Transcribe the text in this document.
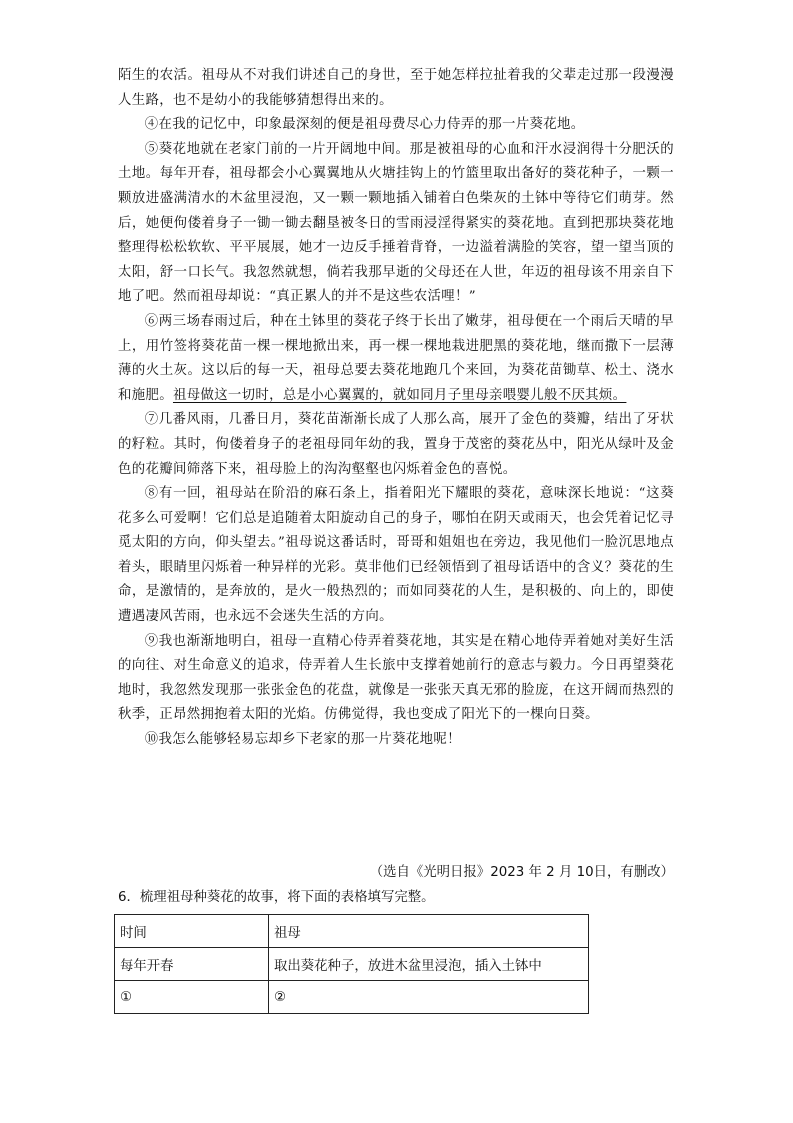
陌生的农活。祖母从不对我们讲述自己的身世，至于她怎样拉扯着我的父辈走过那一段漫漫人生路，也不是幼小的我能够猜想得出来的。

④在我的记忆中，印象最深刻的便是祖母费尽心力侍弄的那一片葵花地。

⑤葵花地就在老家门前的一片开阔地中间。那是被祖母的心血和汗水浸润得十分肥沃的土地。每年开春，祖母都会小心翼翼地从火塘挂钩上的竹篮里取出备好的葵花种子，一颗一颗放进盛满清水的木盆里浸泡，又一颗一颗地插入铺着白色柴灰的土钵中等待它们萌芽。然后，她便佝偻着身子一锄一锄去翻垦被冬日的雪雨浸淫得紧实的葵花地。直到把那块葵花地整理得松松软软、平平展展，她才一边反手捶着背脊，一边溢着满脸的笑容，望一望当顶的太阳，舒一口长气。我忽然就想，倘若我那早逝的父母还在人世，年迈的祖母该不用亲自下地了吧。然而祖母却说：“真正累人的并不是这些农活哩！”

⑥两三场春雨过后，种在土钵里的葵花子终于长出了嫩芽，祖母便在一个雨后天晴的早上，用竹签将葵花苗一棵一棵地掀出来，再一棵一棵地栽进肥黑的葵花地，继而撒下一层薄薄的火土灰。这以后的每一天，祖母总要去葵花地跑几个来回，为葵花苗锄草、松土、浇水和施肥。祖母做这一切时，总是小心翼翼的，就如同月子里母亲喂婴儿般不厌其烦。

⑦几番风雨，几番日月，葵花苗渐渐长成了人那么高，展开了金色的葵瓣，结出了牙状的籽粒。其时，佝偻着身子的老祖母同年幼的我，置身于茂密的葵花丛中，阳光从绿叶及金色的花瓣间筛落下来，祖母脸上的沟沟壑壑也闪烁着金色的喜悦。

⑧有一回，祖母站在阶沿的麻石条上，指着阳光下耀眼的葵花，意味深长地说：“这葵花多么可爱啊！它们总是追随着太阳旋动自己的身子，哪怕在阴天或雨天，也会凭着记忆寻觅太阳的方向，仰头望去。”祖母说这番话时，哥哥和姐姐也在旁边，我见他们一脸沉思地点着头，眼睛里闪烁着一种异样的光彩。莫非他们已经领悟到了祖母话语中的含义？葵花的生命，是激情的，是奔放的，是火一般热烈的；而如同葵花的人生，是积极的、向上的，即使遭遇凄风苦雨，也永远不会迷失生活的方向。

⑨我也渐渐地明白，祖母一直精心侍弄着葵花地，其实是在精心地侍弄着她对美好生活的向往、对生命意义的追求，侍弄着人生长旅中支撑着她前行的意志与毅力。今日再望葵花地时，我忽然发现那一张张金色的花盘，就像是一张张天真无邪的脸庞，在这开阔而热烈的秋季，正昂然拥抱着太阳的光焰。仿佛觉得，我也变成了阳光下的一棵向日葵。

⑩我怎么能够轻易忘却乡下老家的那一片葵花地呢！

（选自《光明日报》2023 年 2 月 10日，有删改）
6．梳理祖母种葵花的故事，将下面的表格填写完整。
时间	祖母
每年开春	取出葵花种子，放进木盆里浸泡，插入土钵中
①	②
